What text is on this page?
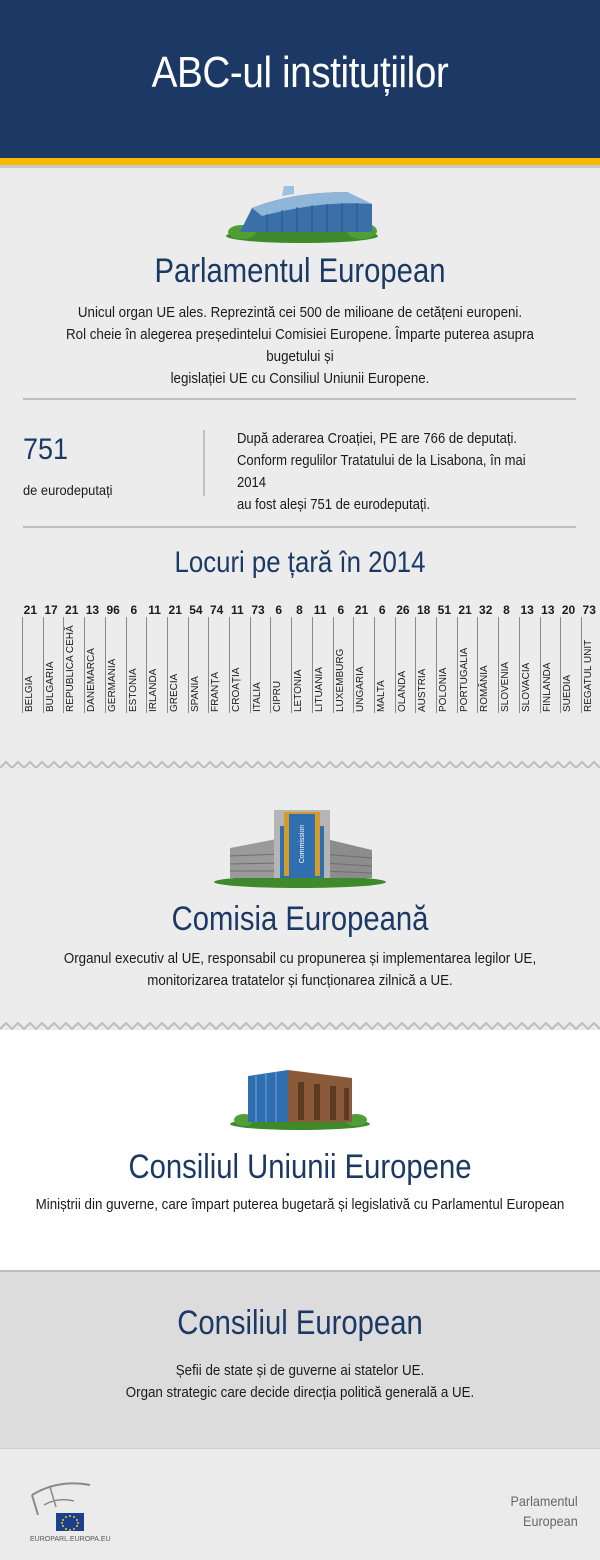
ABC-ul instituțiilor
Parlamentul European
Unicul organ UE ales. Reprezintă cei 500 de milioane de cetățeni europeni.
Rol cheie în alegerea președintelui Comisiei Europene. Împarte puterea asupra bugetului și
legislației UE cu Consiliul Uniunii Europene.
751
de eurodeputați
După aderarea Croației, PE are 766 de deputați.
Conform regulilor Tratatului de la Lisabona, în mai 2014
au fost aleși 751 de eurodeputați.
Locuri pe țară în 2014
21
BELGIA
17
BULGARIA
21
REPUBLICA CEHĂ
13
DANEMARCA
96
GERMANIA
6
ESTONIA
11
IRLANDA
21
GRECIA
54
SPANIA
74
FRANȚA
11
CROAȚIA
73
ITALIA
6
CIPRU
8
LETONIA
11
LITUANIA
6
LUXEMBURG
21
UNGARIA
6
MALTA
26
OLANDA
18
AUSTRIA
51
POLONIA
21
PORTUGALIA
32
ROMÂNIA
8
SLOVENIA
13
SLOVACIA
13
FINLANDA
20
SUEDIA
73
REGATUL UNIT
Commission
Comisia Europeană
Organul executiv al UE, responsabil cu propunerea și implementarea legilor UE,
monitorizarea tratatelor și funcționarea zilnică a UE.
Consiliul Uniunii Europene
Miniștrii din guverne, care împart puterea bugetară și legislativă cu Parlamentul European
Consiliul European
Șefii de state și de guverne ai statelor UE.
Organ strategic care decide direcția politică generală a UE.
EUROPARL.EUROPA.EU
Parlamentul
European
